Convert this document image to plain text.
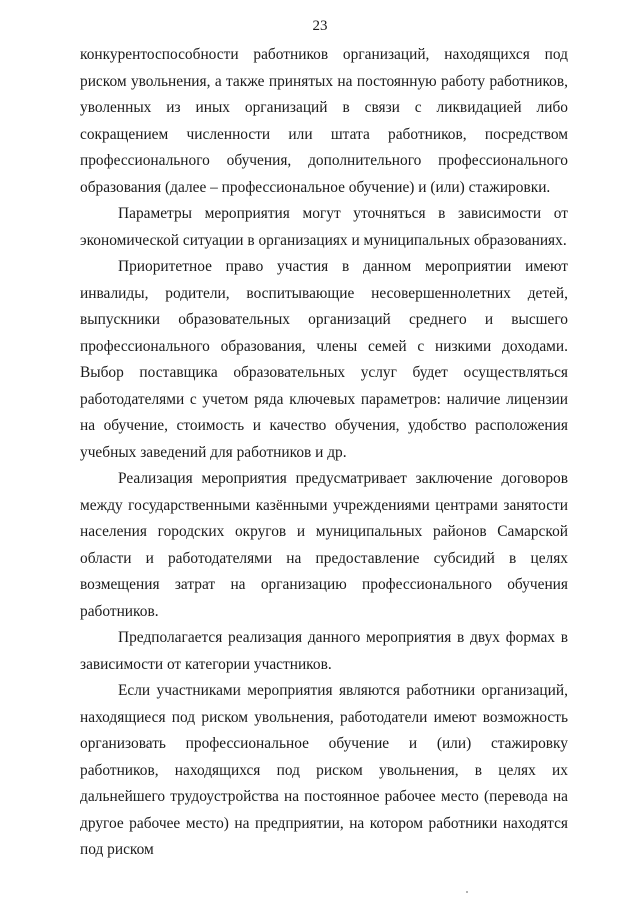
23

конкурентоспособности работников организаций, находящихся под риском увольнения, а также принятых на постоянную работу работников, уволенных из иных организаций в связи с ликвидацией либо сокращением численности или штата работников, посредством профессионального обучения, дополнительного профессионального образования (далее – профессиональное обучение) и (или) стажировки.

Параметры мероприятия могут уточняться в зависимости от экономической ситуации в организациях и муниципальных образованиях.

Приоритетное право участия в данном мероприятии имеют инвалиды, родители, воспитывающие несовершеннолетних детей, выпускники образовательных организаций среднего и высшего профессионального образования, члены семей с низкими доходами. Выбор поставщика образовательных услуг будет осуществляться работодателями с учетом ряда ключевых параметров: наличие лицензии на обучение, стоимость и качество обучения, удобство расположения учебных заведений для работников и др.

Реализация мероприятия предусматривает заключение договоров между государственными казёнными учреждениями центрами занятости населения городских округов и муниципальных районов Самарской области и работодателями на предоставление субсидий в целях возмещения затрат на организацию профессионального обучения работников.

Предполагается реализация данного мероприятия в двух формах в зависимости от категории участников.

Если участниками мероприятия являются работники организаций, находящиеся под риском увольнения, работодатели имеют возможность организовать профессиональное обучение и (или) стажировку работников, находящихся под риском увольнения, в целях их дальнейшего трудоустройства на постоянное рабочее место (перевода на другое рабочее место) на предприятии, на котором работники находятся под риском
